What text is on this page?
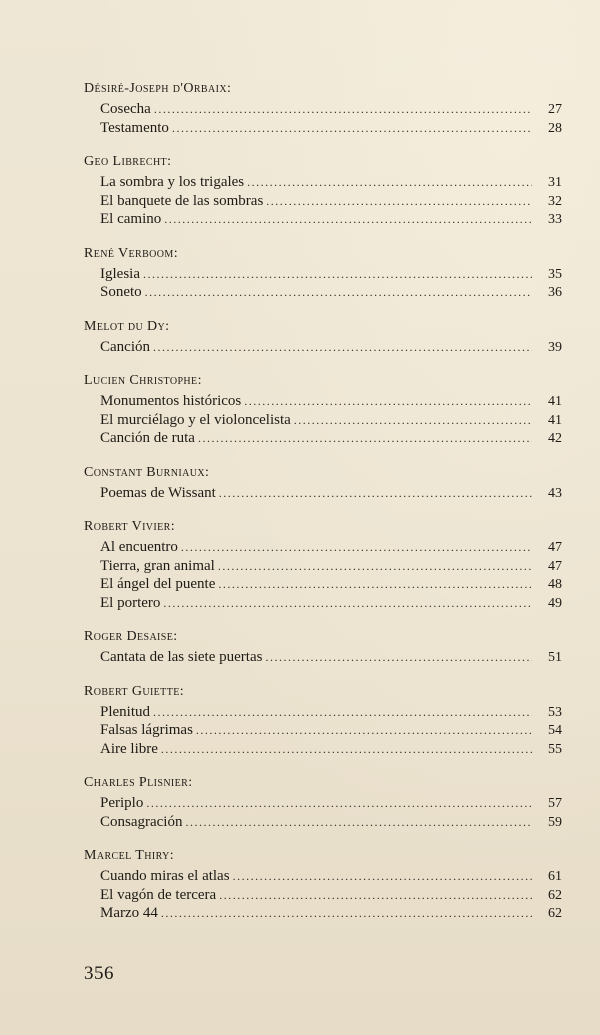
Désiré-Joseph d'Orbaix:
Cosecha .....	27
Testamento .....	28
Geo Librecht:
La sombra y los trigales .....	31
El banquete de las sombras .....	32
El camino .....	33
René Verboom:
Iglesia .....	35
Soneto .....	36
Melot du Dy:
Canción .....	39
Lucien Christophe:
Monumentos históricos .....	41
El murciélago y el violoncelista .....	41
Canción de ruta .....	42
Constant Burniaux:
Poemas de Wissant .....	43
Robert Vivier:
Al encuentro .....	47
Tierra, gran animal .....	47
El ángel del puente .....	48
El portero .....	49
Roger Desaise:
Cantata de las siete puertas .....	51
Robert Guiette:
Plenitud .....	53
Falsas lágrimas .....	54
Aire libre .....	55
Charles Plisnier:
Periplo .....	57
Consagración .....	59
Marcel Thiry:
Cuando miras el atlas .....	61
El vagón de tercera .....	62
Marzo 44 .....	62
356
